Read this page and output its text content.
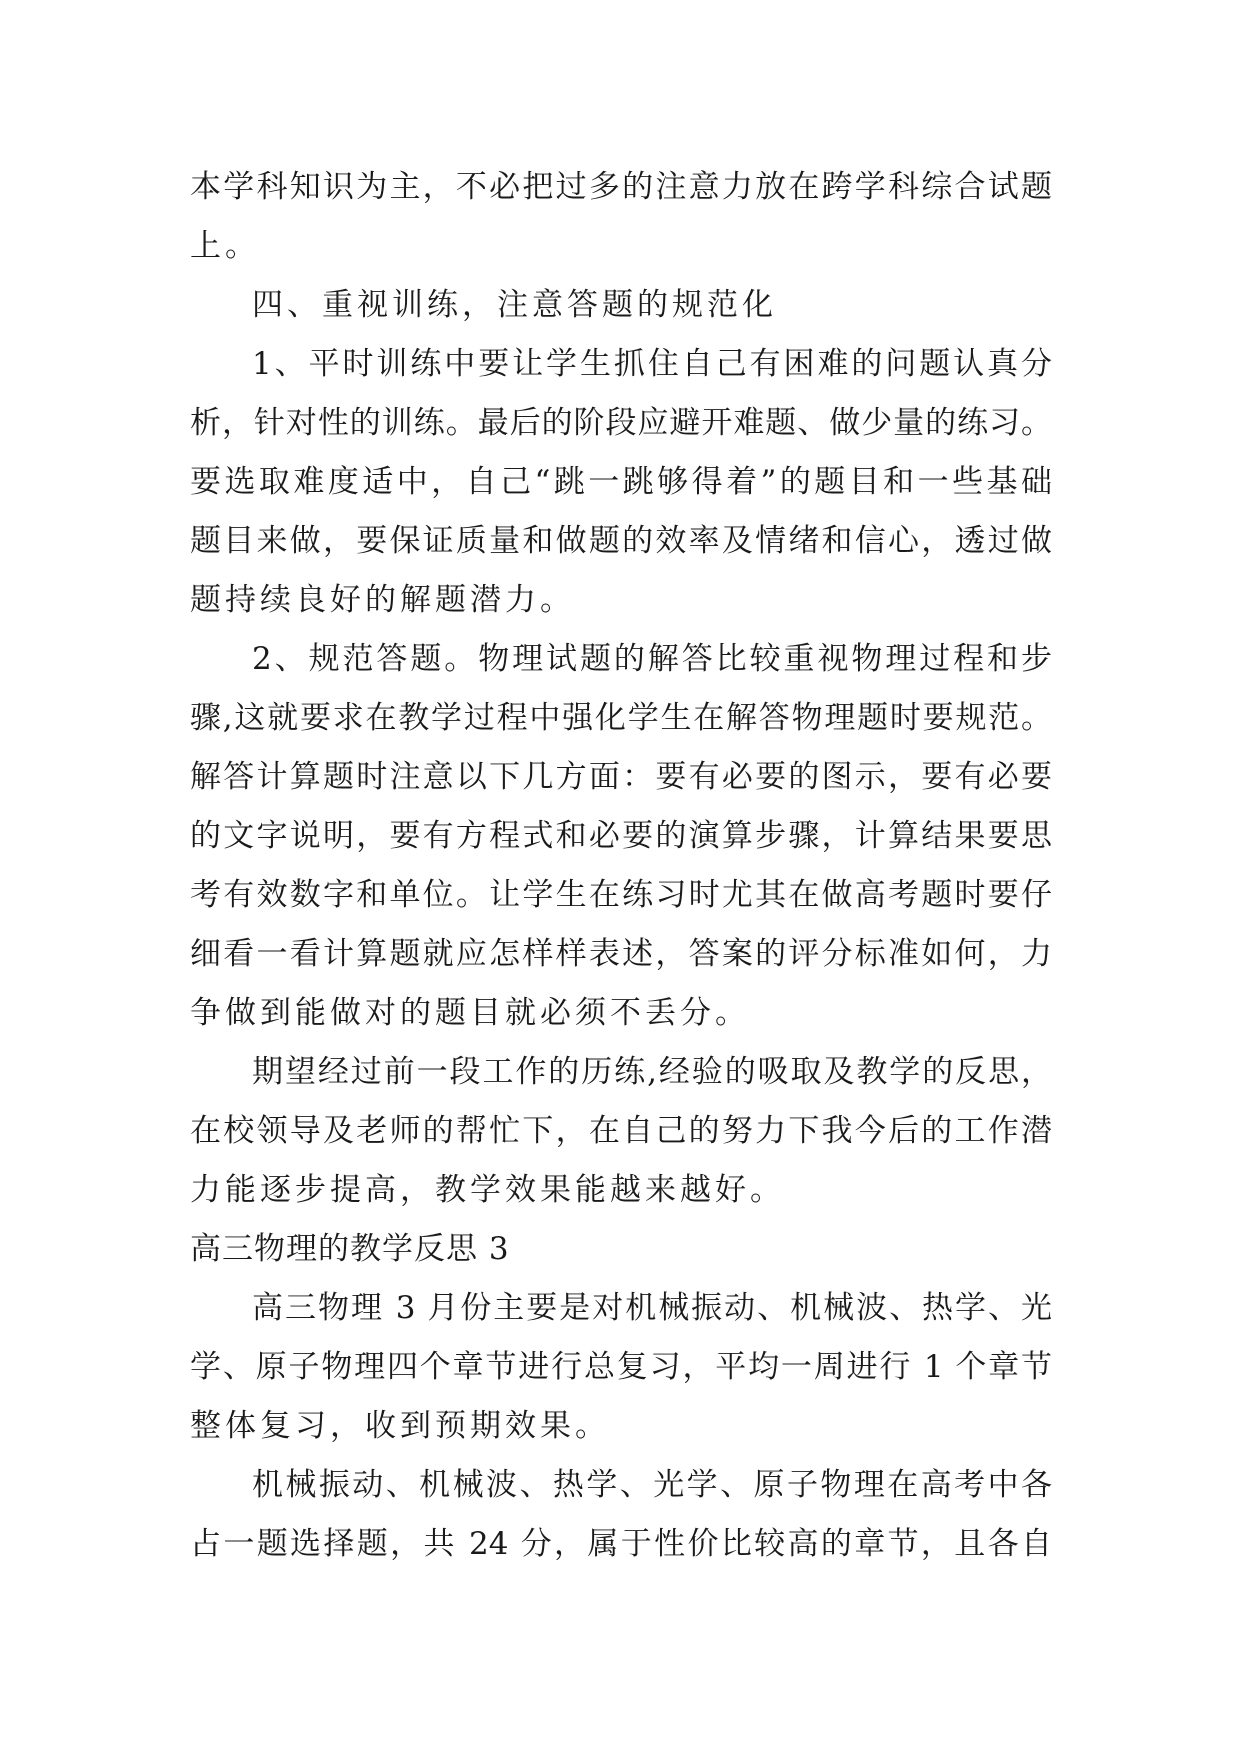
本学科知识为主，不必把过多的注意力放在跨学科综合试题
上。
四、重视训练，注意答题的规范化
1、平时训练中要让学生抓住自己有困难的问题认真分
析，针对性的训练。最后的阶段应避开难题、做少量的练习。
要选取难度适中，自己“跳一跳够得着”的题目和一些基础
题目来做，要保证质量和做题的效率及情绪和信心，透过做
题持续良好的解题潜力。
2、规范答题。物理试题的解答比较重视物理过程和步
骤,这就要求在教学过程中强化学生在解答物理题时要规范。
解答计算题时注意以下几方面：要有必要的图示，要有必要
的文字说明，要有方程式和必要的演算步骤，计算结果要思
考有效数字和单位。让学生在练习时尤其在做高考题时要仔
细看一看计算题就应怎样样表述，答案的评分标准如何，力
争做到能做对的题目就必须不丢分。
期望经过前一段工作的历练,经验的吸取及教学的反思，
在校领导及老师的帮忙下，在自己的努力下我今后的工作潜
力能逐步提高，教学效果能越来越好。
高三物理的教学反思 3
高三物理 3 月份主要是对机械振动、机械波、热学、光
学、原子物理四个章节进行总复习，平均一周进行 1 个章节
整体复习，收到预期效果。
机械振动、机械波、热学、光学、原子物理在高考中各
占一题选择题，共 24 分，属于性价比较高的章节，且各自
